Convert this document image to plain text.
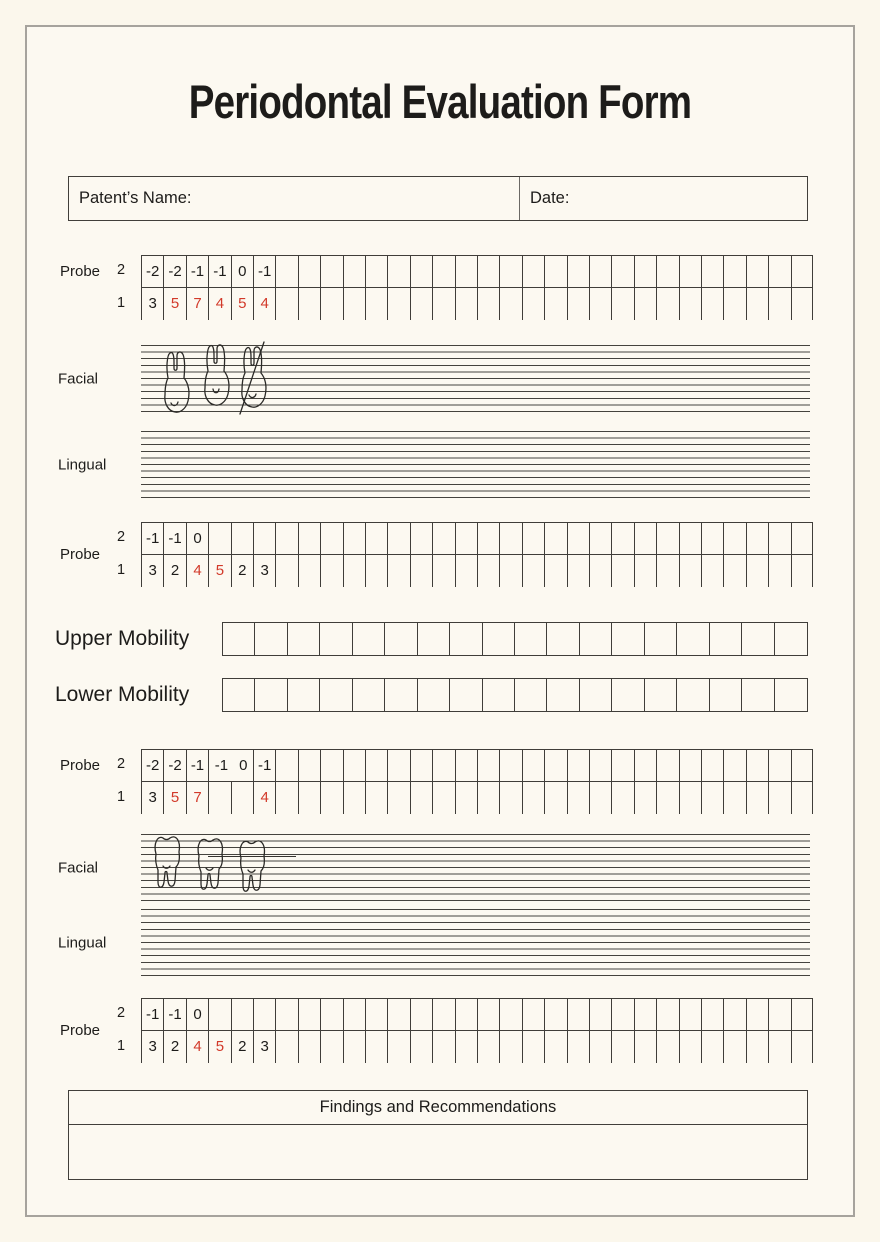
Periodontal Evaluation Form
Patent’s Name:	Date:
Probe 2
1
-2 -2 -1 -1 0 -1
3 5 7 4 5 4
Facial
Lingual
Probe
2
1
-1 -1 0
3 2 4 5 2 3
Upper Mobility
Lower Mobility
Probe 2
1
-2 -2 -1 -1 0 -1
3 5 7	4
Facial
Lingual
Probe
2
1
-1 -1 0
3 2 4 5 2 3
Findings and Recommendations
